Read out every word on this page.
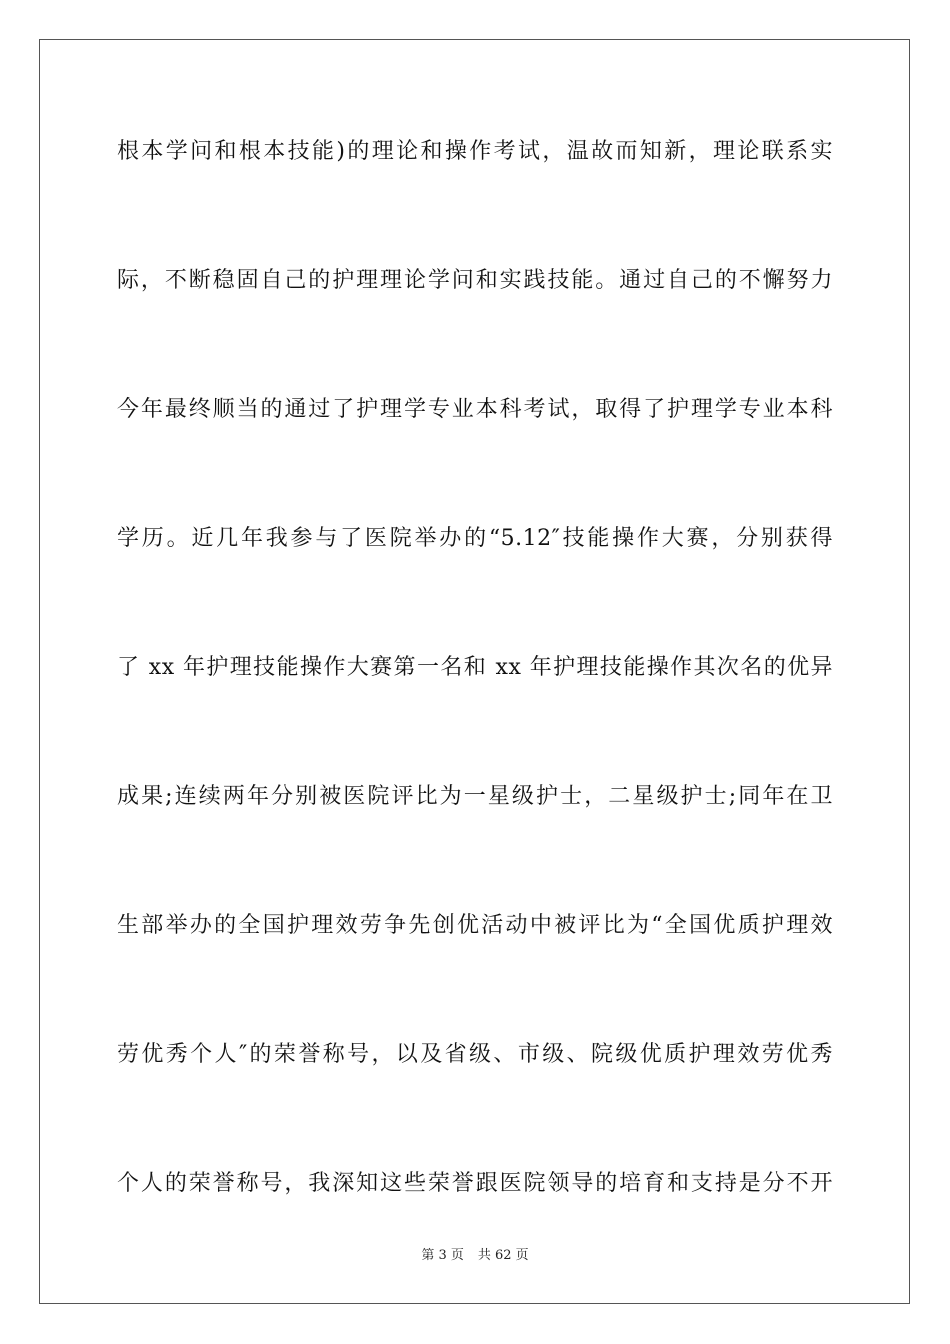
根本学问和根本技能)的理论和操作考试，温故而知新，理论联系实
际，不断稳固自己的护理理论学问和实践技能。通过自己的不懈努力
今年最终顺当的通过了护理学专业本科考试，取得了护理学专业本科
学历。近几年我参与了医院举办的“5.12″技能操作大赛，分别获得
了 xx 年护理技能操作大赛第一名和 xx 年护理技能操作其次名的优异
成果;连续两年分别被医院评比为一星级护士，二星级护士;同年在卫
生部举办的全国护理效劳争先创优活动中被评比为“全国优质护理效
劳优秀个人″的荣誉称号，以及省级、市级、院级优质护理效劳优秀
个人的荣誉称号，我深知这些荣誉跟医院领导的培育和支持是分不开
第 3 页 共 62 页
